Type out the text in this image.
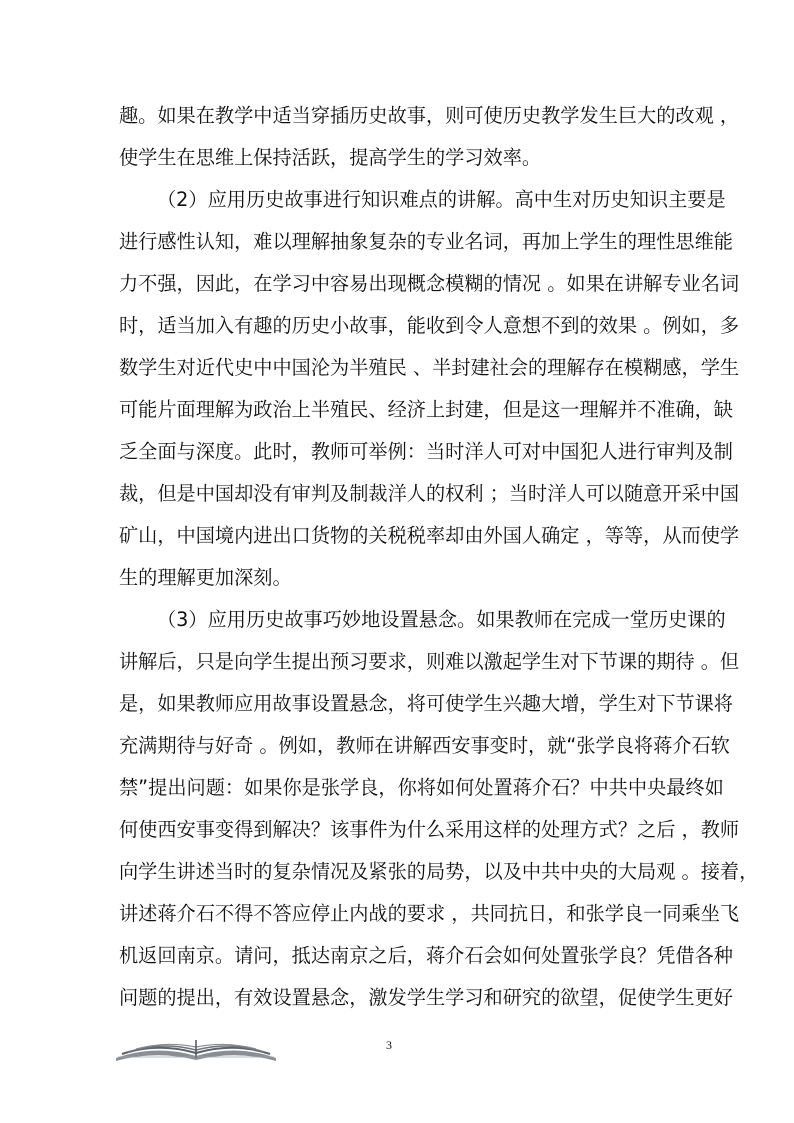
趣。如果在教学中适当穿插历史故事，则可使历史教学发生巨大的改观 ，
使学生在思维上保持活跃，提高学生的学习效率。
（2）应用历史故事进行知识难点的讲解。高中生对历史知识主要是
进行感性认知，难以理解抽象复杂的专业名词，再加上学生的理性思维能
力不强，因此，在学习中容易出现概念模糊的情况 。如果在讲解专业名词
时，适当加入有趣的历史小故事，能收到令人意想不到的效果 。例如，多
数学生对近代史中中国沦为半殖民 、半封建社会的理解存在模糊感，学生
可能片面理解为政治上半殖民、经济上封建，但是这一理解并不准确，缺
乏全面与深度。此时，教师可举例：当时洋人可对中国犯人进行审判及制
裁，但是中国却没有审判及制裁洋人的权利 ；当时洋人可以随意开采中国
矿山，中国境内进出口货物的关税税率却由外国人确定 ，等等，从而使学
生的理解更加深刻。
（3）应用历史故事巧妙地设置悬念。如果教师在完成一堂历史课的
讲解后，只是向学生提出预习要求，则难以激起学生对下节课的期待 。但
是，如果教师应用故事设置悬念，将可使学生兴趣大增，学生对下节课将
充满期待与好奇 。例如，教师在讲解西安事变时，就“张学良将蒋介石软
禁”提出问题：如果你是张学良，你将如何处置蒋介石？中共中央最终如
何使西安事变得到解决？该事件为什么采用这样的处理方式？之后 ，教师
向学生讲述当时的复杂情况及紧张的局势，以及中共中央的大局观 。接着，
讲述蒋介石不得不答应停止内战的要求 ，共同抗日，和张学良一同乘坐飞
机返回南京。请问，抵达南京之后，蒋介石会如何处置张学良？凭借各种
问题的提出，有效设置悬念，激发学生学习和研究的欲望，促使学生更好
3
